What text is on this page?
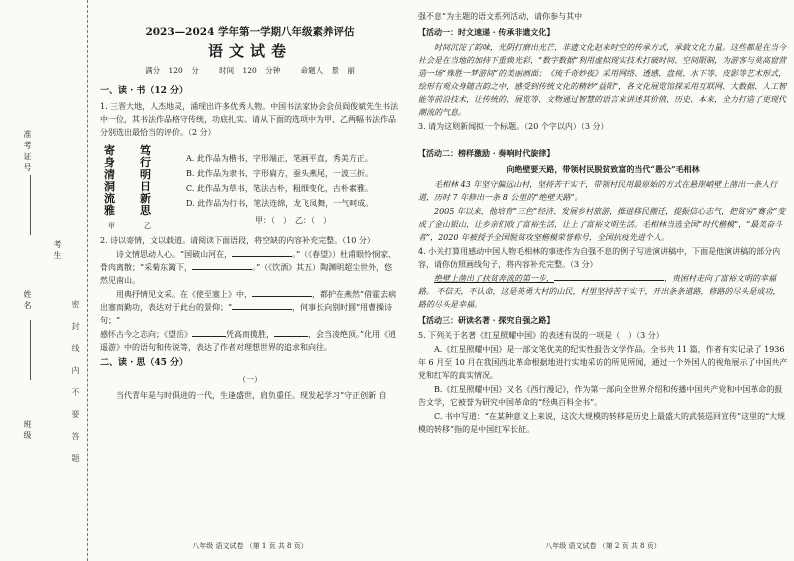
准考证号
姓名
班级
考生
密封线内不要答题
2023—2024 学年第一学期八年级素养评估
语文试卷
满分 120 分	时间 120 分钟	命题人 景 丽
一、读 · 书（12 分）

1. 三晋大地，人杰地灵，涌现出许多优秀人物。中国书法家协会会员阎俊斌先生书法中一位，其书法作品格守传统，功底扎实。请从下面的选项中为甲、乙两幅书法作品分别选出最恰当的评价。（2 分）

寄
身
清
洞
流
雅
笃
行
明
日
新
思
甲	乙
A. 此作品为楷书，字形端正，笔画平直，秀美方正。
B. 此作品为隶书，字形扁方，蚕头燕尾，一波三折。
C. 此作品为草书，笔法古朴，粗细变化，古朴素雅。
D. 此作品为行书，笔法连绵，龙飞凤舞，一气呵成。
甲：（　）　乙：（　）

2. 诗以寄情，文以载道。请阅读下面语段，将空缺的内容补充完整。（10 分）

诗文情思动人心。“国破山河在，	。”（《春望》）杜甫眼怜悯家、骨肉离散；“采菊东篱下，	。”（《饮酒》其五）陶渊明超尘世外，悠然见南山。

用典抒情见文采。在《使至塞上》中，	，都护在燕然”借霍去病出塞而勤功，表达对于此台的景仰；“	，何事长向别时圆”用曹操诗句；“

感怀古今之志向；《望岳》	凭高而揽胜，	，会当凌绝顶。”化用《逍遥游》中的语句和传说等，表达了作者对理想世界的追求和向往。

二、读 · 思（45 分）
（一）

当代青年是与时俱进的一代，生逢盛世，肩负重任。现发起学习“守正创新 自

强不息”为主题的语文系列活动，请你参与其中

【活动一：时文速递 · 传承非遗文化】

时间沉淀了韵味，光阴打磨出光芒，非遗文化赵来时空的传承方式，承载文化力量。这些都是在当今社会是在当地的加持下重焕光彩，“数字数据”利用虚拟现实技术打破时间、空间限制，为游客与莫高窟营造一场“殊胜一梦游间”的美丽画面；《琉千奇妙夜》采用网络、透感、盘视、水下等、皮影等艺术形式，绘形有观众身随吉韵之中，感受到传统文化的精妙“益阳”，各文化展览馆探采用互联网、大数据、人工智能等前沿技术，让传统的、展览等、文物通过智慧的语言来讲述其价值、历史、本来，全力打造了更现代潮流的气息。

3. 请为这则新闻拟一个标题。（20 个字以内）（3 分）

【活动二：榜样激励 · 奏响时代旋律】
向绝壁要天路，带领村民脱贫致富的当代“愚公”毛相林

毛相林 43 年坚守偏远山村，坚持苦干实干，带领村民用最原始的方式在悬崖峭壁上凿出一条人行道，历时 7 年修出一条 8 公里的“绝壁天路”。

2005 年以来，他培育“三色”经济、发展乡村旅游，推进移民搬迁，提振信心志气，把贫穷“赛舍”变成了金山银山，让乡亲们收了富裕生活，让上了富裕文明生活。毛相林当选全国“时代楷模”，“最美奋斗者”，2020 年被授予全国脱贫攻坚楷模荣誉称号，全国抗疫先进个人。

4. 小关打算用感动中国人物毛相林的事迹作为自强不息的例子写进演讲稿中，下面是他演讲稿的部分内容，请你仿照画线句子，将内容补充完整。（3 分）

绝壁上凿出了扶贫奔流的第一步，	，贵困村走向了富裕文明的幸福路。 不信天，不认命，这是英勇大村的山民，村里坚持苦干实干，开出条条道路，修路的尽头是成功，路的尽头是幸福。

【活动三：研读名著 · 探究自强之路】

5. 下列关于名著《红星照耀中国》的表述有误的一项是（　）（3 分）

A.《红星照耀中国》是一部文笔优美的纪实性报告文学作品。全书共 11 篇，作者有实记录了 1936 年 6 月至 10 月在我国西北革命根据地进行实地采访的所见所闻，通过一个外国人的视角展示了中国共产党和红军的真实情况。

B.《红星照耀中国》又名《西行漫记》，作为第一部向全世界介绍和传播中国共产党和中国革命的报告文学，它被誉为研究中国革命的“经典百科全书”。

C. 书中写道：“在某种意义上来说，这次大规模的转移是历史上最盛大的武装巡回宣传”这里的“大规模的转移”指的是中国红军长征。

八年级 语文试卷 （第 1 页 共 8 页）	八年级 语文试卷 （第 2 页 共 8 页）
